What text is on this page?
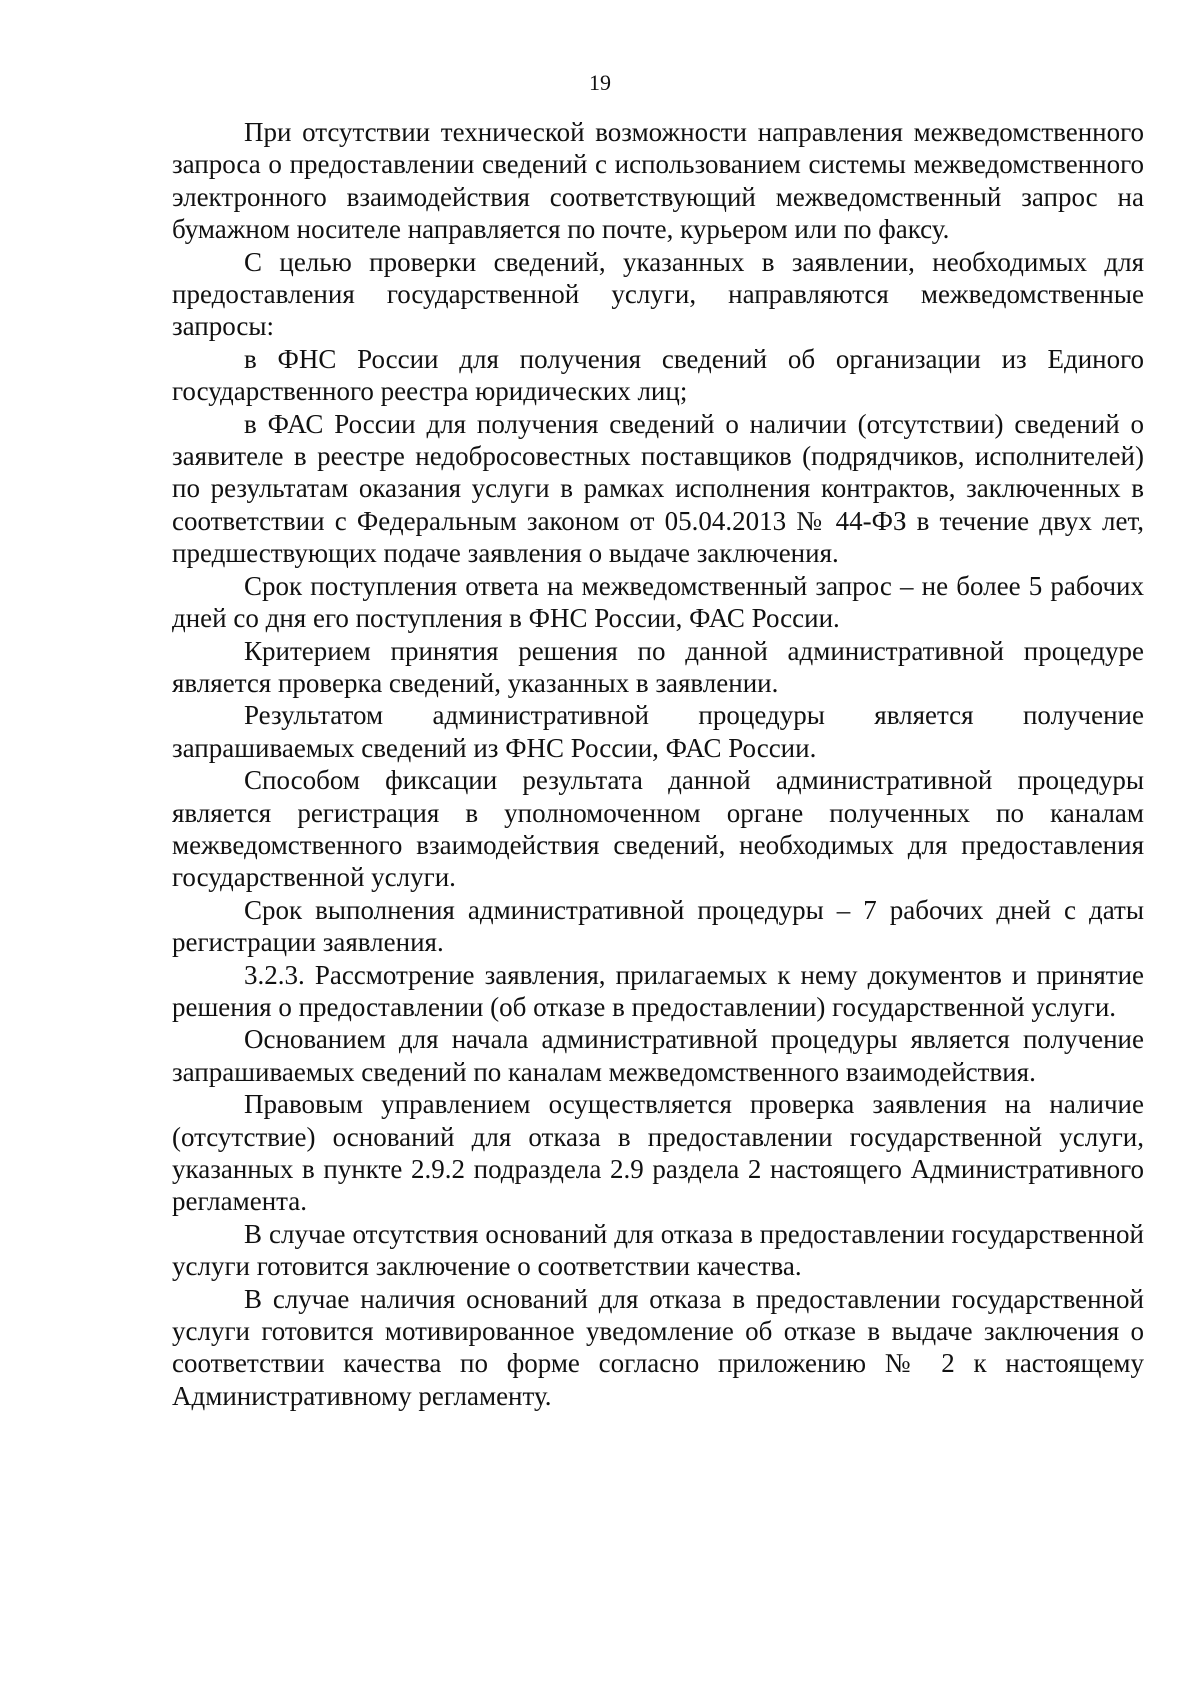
19

При отсутствии технической возможности направления межведомственного запроса о предоставлении сведений с использованием системы межведомственного электронного взаимодействия соответствующий межведомственный запрос на бумажном носителе направляется по почте, курьером или по факсу.

С целью проверки сведений, указанных в заявлении, необходимых для предоставления государственной услуги, направляются межведомственные запросы:

в ФНС России для получения сведений об организации из Единого государственного реестра юридических лиц;

в ФАС России для получения сведений о наличии (отсутствии) сведений о заявителе в реестре недобросовестных поставщиков (подрядчиков, исполнителей) по результатам оказания услуги в рамках исполнения контрактов, заключенных в соответствии с Федеральным законом от 05.04.2013 № 44-ФЗ в течение двух лет, предшествующих подаче заявления о выдаче заключения.

Срок поступления ответа на межведомственный запрос – не более 5 рабочих дней со дня его поступления в ФНС России, ФАС России.

Критерием принятия решения по данной административной процедуре является проверка сведений, указанных в заявлении.

Результатом административной процедуры является получение запрашиваемых сведений из ФНС России, ФАС России.

Способом фиксации результата данной административной процедуры является регистрация в уполномоченном органе полученных по каналам межведомственного взаимодействия сведений, необходимых для предоставления государственной услуги.

Срок выполнения административной процедуры – 7 рабочих дней с даты регистрации заявления.

3.2.3. Рассмотрение заявления, прилагаемых к нему документов и принятие решения о предоставлении (об отказе в предоставлении) государственной услуги.

Основанием для начала административной процедуры является получение запрашиваемых сведений по каналам межведомственного взаимодействия.

Правовым управлением осуществляется проверка заявления на наличие (отсутствие) оснований для отказа в предоставлении государственной услуги, указанных в пункте 2.9.2 подраздела 2.9 раздела 2 настоящего Административного регламента.

В случае отсутствия оснований для отказа в предоставлении государственной услуги готовится заключение о соответствии качества.

В случае наличия оснований для отказа в предоставлении государственной услуги готовится мотивированное уведомление об отказе в выдаче заключения о соответствии качества по форме согласно приложению № 2 к настоящему Административному регламенту.
